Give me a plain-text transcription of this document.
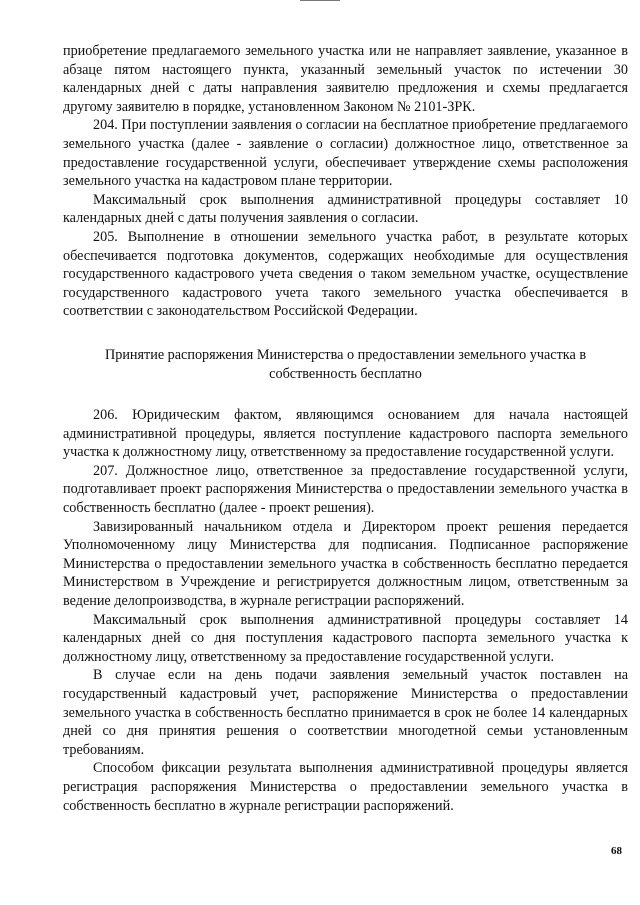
приобретение предлагаемого земельного участка или не направляет заявление, указанное в абзаце пятом настоящего пункта, указанный земельный участок по истечении 30 календарных дней с даты направления заявителю предложения и схемы предлагается другому заявителю в порядке, установленном Законом № 2101-ЗРК.

204. При поступлении заявления о согласии на бесплатное приобретение предлагаемого земельного участка (далее - заявление о согласии) должностное лицо, ответственное за предоставление государственной услуги, обеспечивает утверждение схемы расположения земельного участка на кадастровом плане территории.

Максимальный срок выполнения административной процедуры составляет 10 календарных дней с даты получения заявления о согласии.

205. Выполнение в отношении земельного участка работ, в результате которых обеспечивается подготовка документов, содержащих необходимые для осуществления государственного кадастрового учета сведения о таком земельном участке, осуществление государственного кадастрового учета такого земельного участка обеспечивается в соответствии с законодательством Российской Федерации.

Принятие распоряжения Министерства о предоставлении земельного участка в собственность бесплатно

206. Юридическим фактом, являющимся основанием для начала настоящей административной процедуры, является поступление кадастрового паспорта земельного участка к должностному лицу, ответственному за предоставление государственной услуги.

207. Должностное лицо, ответственное за предоставление государственной услуги, подготавливает проект распоряжения Министерства о предоставлении земельного участка в собственность бесплатно (далее - проект решения).

Завизированный начальником отдела и Директором проект решения передается Уполномоченному лицу Министерства для подписания. Подписанное распоряжение Министерства о предоставлении земельного участка в собственность бесплатно передается Министерством в Учреждение и регистрируется должностным лицом, ответственным за ведение делопроизводства, в журнале регистрации распоряжений.

Максимальный срок выполнения административной процедуры составляет 14 календарных дней со дня поступления кадастрового паспорта земельного участка к должностному лицу, ответственному за предоставление государственной услуги.

В случае если на день подачи заявления земельный участок поставлен на государственный кадастровый учет, распоряжение Министерства о предоставлении земельного участка в собственность бесплатно принимается в срок не более 14 календарных дней со дня принятия решения о соответствии многодетной семьи установленным требованиям.

Способом фиксации результата выполнения административной процедуры является регистрация распоряжения Министерства о предоставлении земельного участка в собственность бесплатно в журнале регистрации распоряжений.

68
